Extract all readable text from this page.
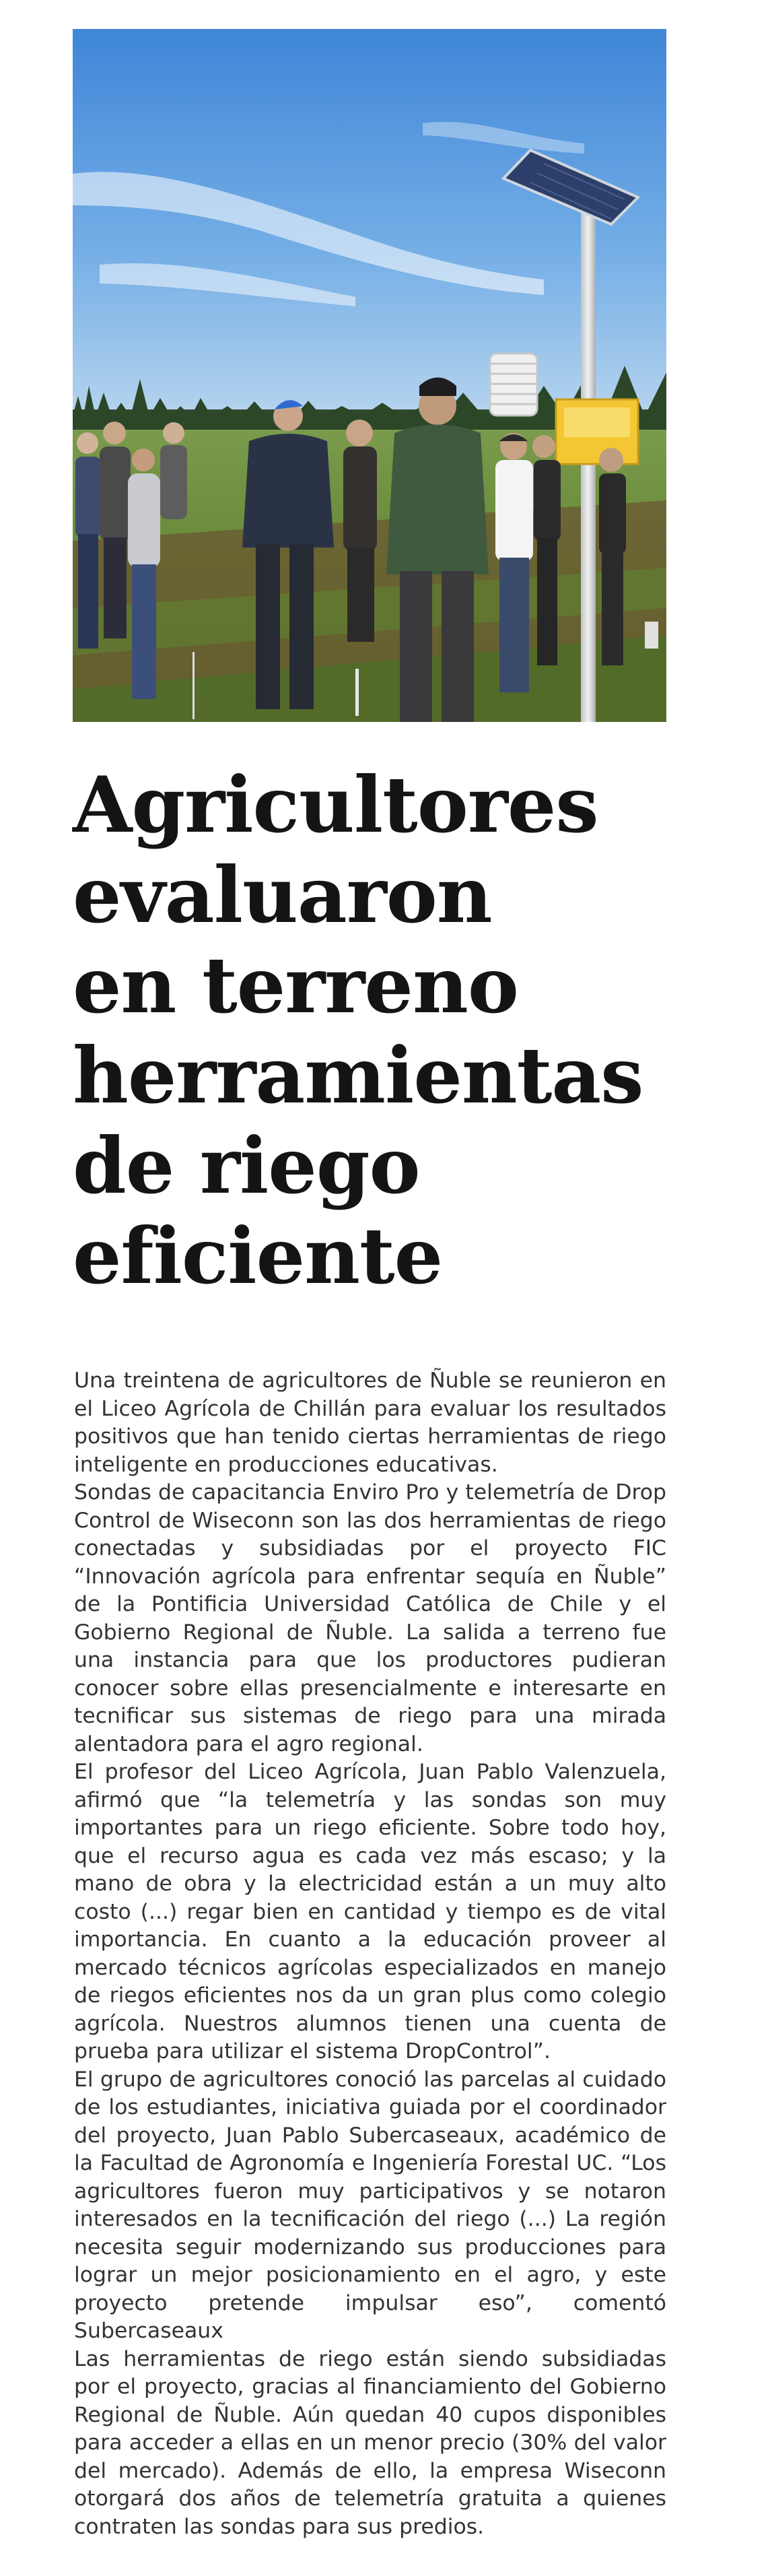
Agricultores
evaluaron
en terreno
herramientas
de riego
eficiente

Una treintena de agricultores de Ñuble se reunieron en el Liceo Agrícola de Chillán para evaluar los resultados positivos que han tenido ciertas herramientas de riego inteligente en producciones educativas.

Sondas de capacitancia Enviro Pro y telemetría de Drop Control de Wiseconn son las dos herramientas de riego conectadas y subsidiadas por el proyecto FIC “Innovación agrícola para enfrentar sequía en Ñuble” de la Pontificia Universidad Católica de Chile y el Gobierno Regional de Ñuble. La salida a terreno fue una instancia para que los productores pudieran conocer sobre ellas presencialmente e interesarte en tecnificar sus sistemas de riego para una mirada alentadora para el agro regional.

El profesor del Liceo Agrícola, Juan Pablo Valenzuela, afirmó que “la telemetría y las sondas son muy importantes para un riego eficiente. Sobre todo hoy, que el recurso agua es cada vez más escaso; y la mano de obra y la electricidad están a un muy alto costo (...) regar bien en cantidad y tiempo es de vital importancia. En cuanto a la educación proveer al mercado técnicos agrícolas especializados en manejo de riegos eficientes nos da un gran plus como colegio agrícola. Nuestros alumnos tienen una cuenta de prueba para utilizar el sistema DropControl”.

El grupo de agricultores conoció las parcelas al cuidado de los estudiantes, iniciativa guiada por el coordinador del proyecto, Juan Pablo Subercaseaux, académico de la Facultad de Agronomía e Ingeniería Forestal UC. “Los agricultores fueron muy participativos y se notaron interesados en la tecnificación del riego (...) La región necesita seguir modernizando sus producciones para lograr un mejor posicionamiento en el agro, y este proyecto pretende impulsar eso”, comentó Subercaseaux

Las herramientas de riego están siendo subsidiadas por el proyecto, gracias al financiamiento del Gobierno Regional de Ñuble. Aún quedan 40 cupos disponibles para acceder a ellas en un menor precio (30% del valor del mercado). Además de ello, la empresa Wiseconn otorgará dos años de telemetría gratuita a quienes contraten las sondas para sus predios.
